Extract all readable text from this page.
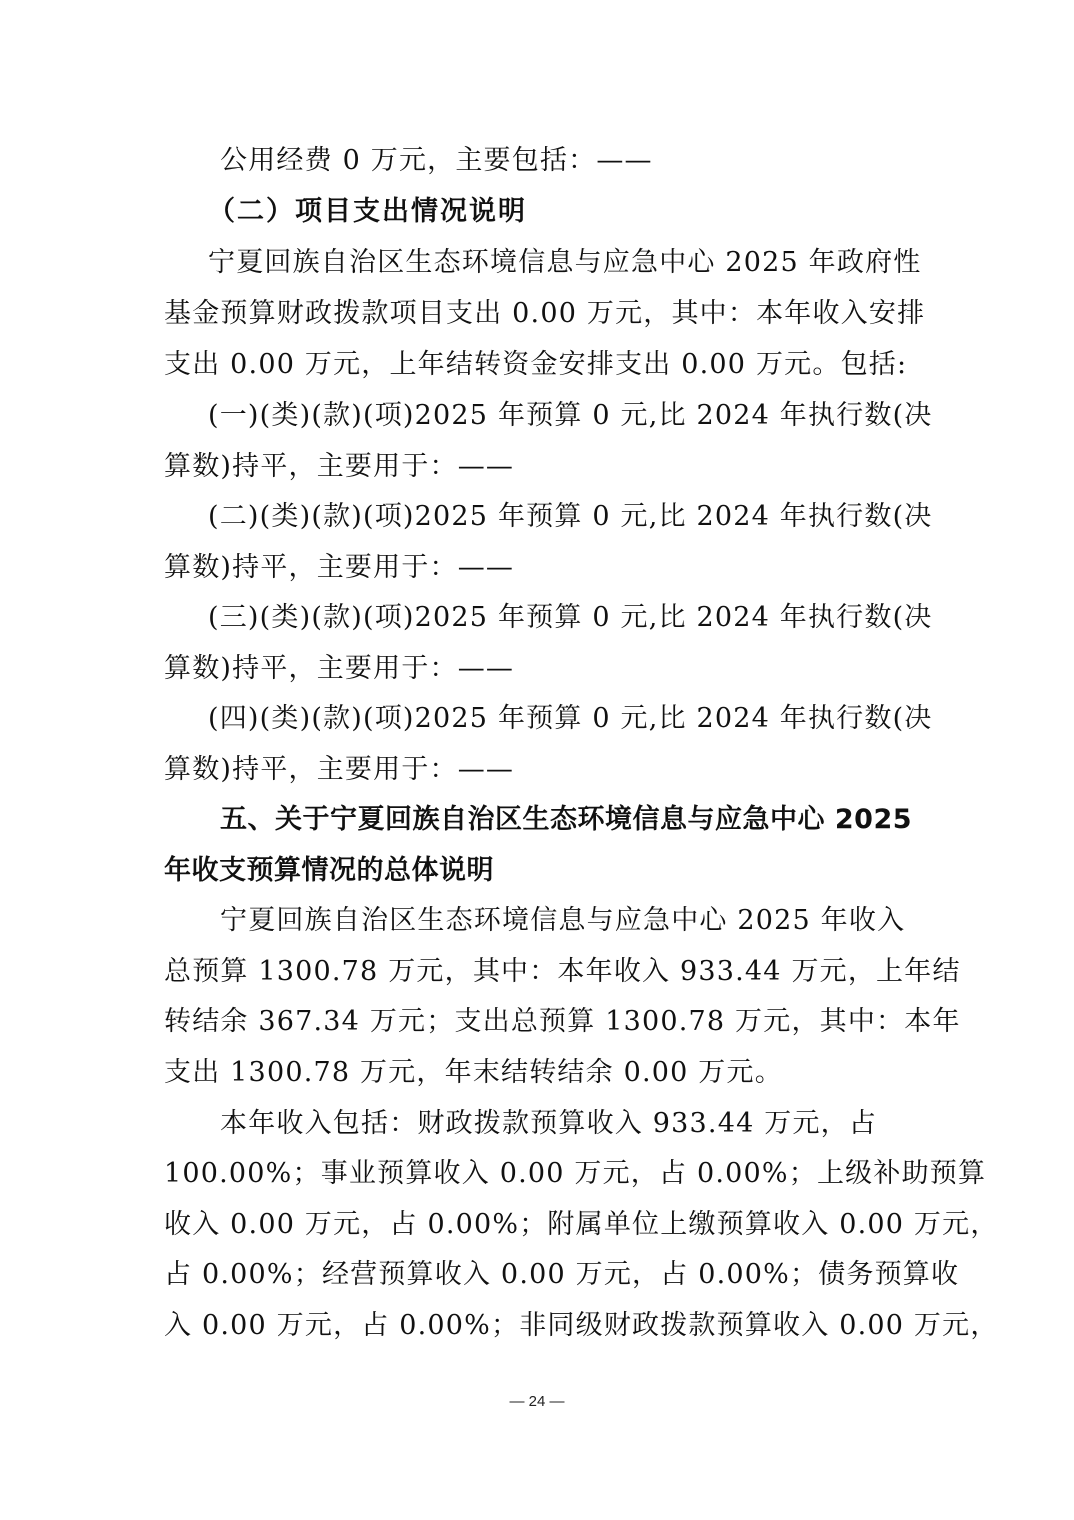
公用经费 0 万元，主要包括：——
（二）项目支出情况说明
宁夏回族自治区生态环境信息与应急中心 2025 年政府性
基金预算财政拨款项目支出 0.00 万元，其中：本年收入安排
支出 0.00 万元，上年结转资金安排支出 0.00 万元。包括:
(一)(类)(款)(项)2025 年预算 0 元,比 2024 年执行数(决
算数)持平，主要用于：——
(二)(类)(款)(项)2025 年预算 0 元,比 2024 年执行数(决
算数)持平，主要用于：——
(三)(类)(款)(项)2025 年预算 0 元,比 2024 年执行数(决
算数)持平，主要用于：——
(四)(类)(款)(项)2025 年预算 0 元,比 2024 年执行数(决
算数)持平，主要用于：——
五、关于宁夏回族自治区生态环境信息与应急中心 2025
年收支预算情况的总体说明
宁夏回族自治区生态环境信息与应急中心 2025 年收入
总预算 1300.78 万元，其中：本年收入 933.44 万元，上年结
转结余 367.34 万元；支出总预算 1300.78 万元，其中：本年
支出 1300.78 万元，年末结转结余 0.00 万元。
本年收入包括：财政拨款预算收入 933.44 万元，占
100.00%；事业预算收入 0.00 万元，占 0.00%；上级补助预算
收入 0.00 万元，占 0.00%；附属单位上缴预算收入 0.00 万元，
占 0.00%；经营预算收入 0.00 万元，占 0.00%；债务预算收
入 0.00 万元，占 0.00%；非同级财政拨款预算收入 0.00 万元，
— 24 —
